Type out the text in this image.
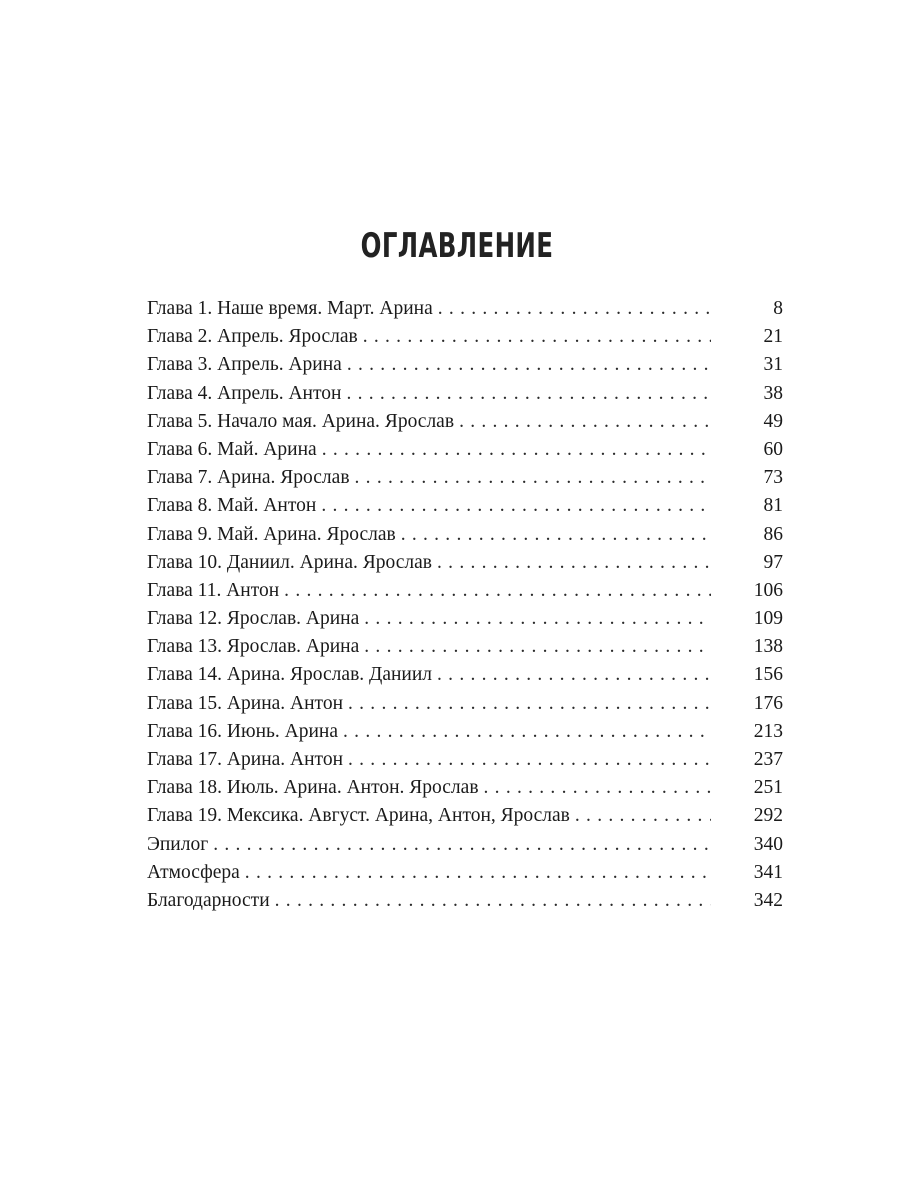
ОГЛАВЛЕНИЕ
Глава 1. Наше время. Март. Арина . . .	8
Глава 2. Апрель. Ярослав . . .	21
Глава 3. Апрель. Арина . . .	31
Глава 4. Апрель. Антон . . .	38
Глава 5. Начало мая. Арина. Ярослав . . .	49
Глава 6. Май. Арина . . .	60
Глава 7. Арина. Ярослав . . .	73
Глава 8. Май. Антон . . .	81
Глава 9. Май. Арина. Ярослав . . .	86
Глава 10. Даниил. Арина. Ярослав . . .	97
Глава 11. Антон . . .	106
Глава 12. Ярослав. Арина . . .	109
Глава 13. Ярослав. Арина . . .	138
Глава 14. Арина. Ярослав. Даниил . . .	156
Глава 15. Арина. Антон . . .	176
Глава 16. Июнь. Арина . . .	213
Глава 17. Арина. Антон . . .	237
Глава 18. Июль. Арина. Антон. Ярослав . . .	251
Глава 19. Мексика. Август. Арина, Антон, Ярослав . . .	292
Эпилог . . .	340
Атмосфера . . .	341
Благодарности . . .	342
